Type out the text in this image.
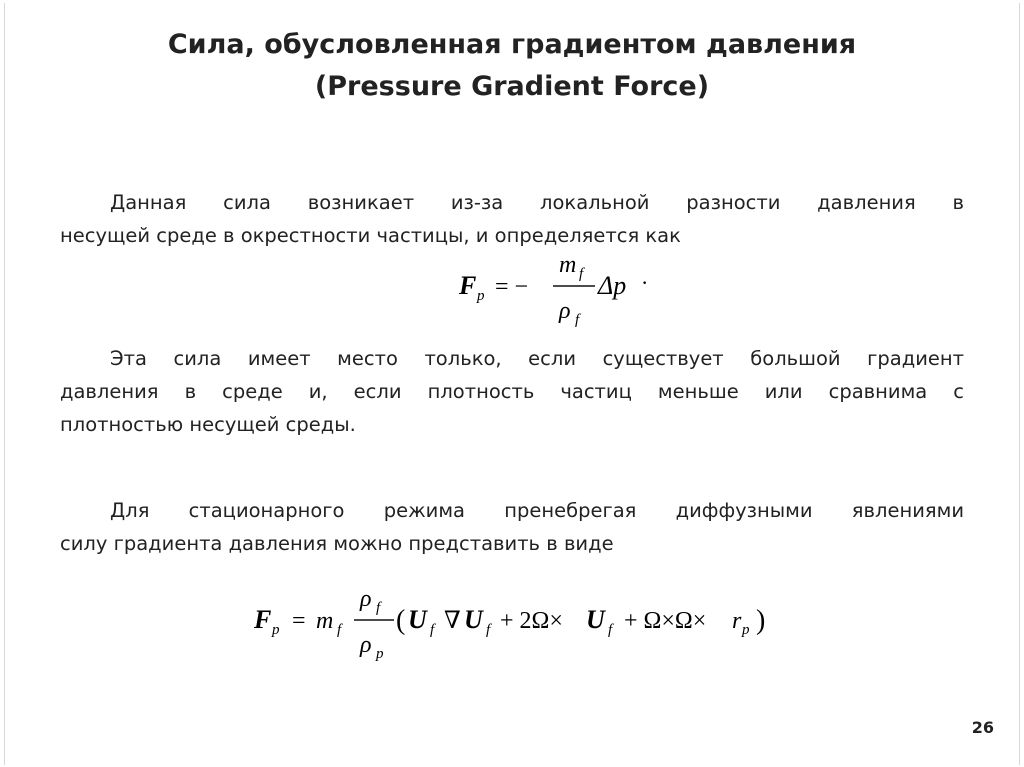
Сила, обусловленная градиентом давления
(Pressure Gradient Force)
Данная сила возникает из-за локальной разности давления в
несущей среде в окрестности частицы, и определяется как
F p = −
m f
ρ f
Δp ·
Эта сила имеет место только, если существует большой градиент
давления в среде и, если плотность частиц меньше или сравнима с
плотностью несущей среды.
Для стационарного режима пренебрегая диффузными явлениями
силу градиента давления можно представить в виде
F p = m f
ρ f
ρ p
( U f ∇ U f + 2Ω× U f + Ω×Ω× r p )
26
